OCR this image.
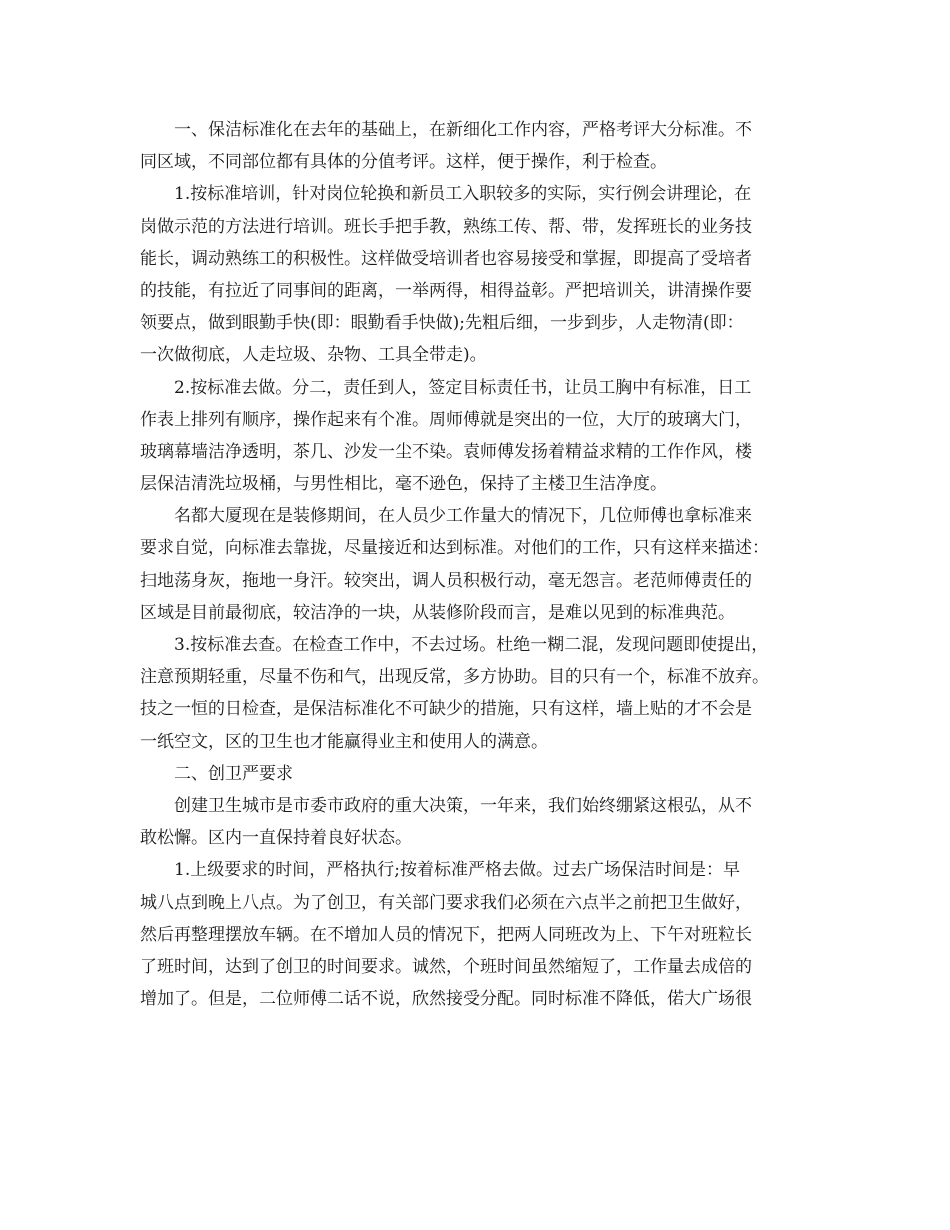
一、保洁标准化在去年的基础上，在新细化工作内容，严格考评大分标准。不
同区域，不同部位都有具体的分值考评。这样，便于操作，利于检查。
1.按标准培训，针对岗位轮换和新员工入职较多的实际，实行例会讲理论，在
岗做示范的方法进行培训。班长手把手教，熟练工传、帮、带，发挥班长的业务技
能长，调动熟练工的积极性。这样做受培训者也容易接受和掌握，即提高了受培者
的技能，有拉近了同事间的距离，一举两得，相得益彰。严把培训关，讲清操作要
领要点，做到眼勤手快(即：眼勤看手快做);先粗后细，一步到步，人走物清(即：
一次做彻底，人走垃圾、杂物、工具全带走)。
2.按标准去做。分二，责任到人，签定目标责任书，让员工胸中有标准，日工
作表上排列有顺序，操作起来有个准。周师傅就是突出的一位，大厅的玻璃大门，
玻璃幕墙洁净透明，茶几、沙发一尘不染。袁师傅发扬着精益求精的工作作风，楼
层保洁清洗垃圾桶，与男性相比，毫不逊色，保持了主楼卫生洁净度。
名都大厦现在是装修期间，在人员少工作量大的情况下，几位师傅也拿标准来
要求自觉，向标准去靠拢，尽量接近和达到标准。对他们的工作，只有这样来描述：
扫地荡身灰，拖地一身汗。较突出，调人员积极行动，毫无怨言。老范师傅责任的
区域是目前最彻底，较洁净的一块，从装修阶段而言，是难以见到的标准典范。
3.按标准去查。在检查工作中，不去过场。杜绝一糊二混，发现问题即使提出，
注意预期轻重，尽量不伤和气，出现反常，多方协助。目的只有一个，标准不放弃。
技之一恒的日检查，是保洁标准化不可缺少的措施，只有这样，墙上贴的才不会是
一纸空文，区的卫生也才能赢得业主和使用人的满意。
二、创卫严要求
创建卫生城市是市委市政府的重大决策，一年来，我们始终绷紧这根弘，从不
敢松懈。区内一直保持着良好状态。
1.上级要求的时间，严格执行;按着标准严格去做。过去广场保洁时间是：早
城八点到晚上八点。为了创卫，有关部门要求我们必须在六点半之前把卫生做好，
然后再整理摆放车辆。在不增加人员的情况下，把两人同班改为上、下午对班粒长
了班时间，达到了创卫的时间要求。诚然，个班时间虽然缩短了，工作量去成倍的
增加了。但是，二位师傅二话不说，欣然接受分配。同时标准不降低，偌大广场很
